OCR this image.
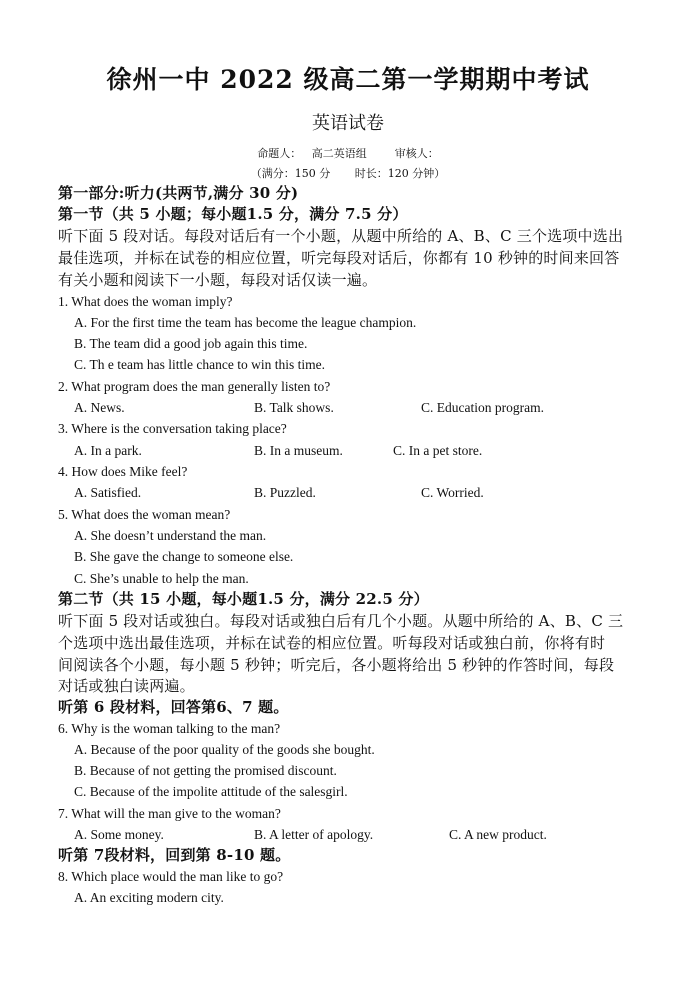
徐州一中 2022 级高二第一学期期中考试
英语试卷
命题人：   高二英语组        审核人：
（满分：150 分       时长：120 分钟）
第一部分:听力(共两节,满分 30 分)
第一节（共 5 小题；每小题1.5 分，满分 7.5 分）
听下面 5 段对话。每段对话后有一个小题，从题中所给的 A、B、C 三个选项中选出
最佳选项，并标在试卷的相应位置，听完每段对话后，你都有 10 秒钟的时间来回答
有关小题和阅读下一小题，每段对话仅读一遍。
1. What does the woman imply?
A. For the first time the team has become the league champion.
B. The team did a good job again this time.
C. Th e team has little chance to win this time.
2. What program does the man generally listen to?
A. News.	B. Talk shows.	C. Education program.
3. Where is the conversation taking place?
A. In a park.	B. In a museum.	C. In a pet store.
4. How does Mike feel?
A. Satisfied.	B. Puzzled.	C. Worried.
5. What does the woman mean?
A. She doesn’t understand the man.
B. She gave the change to someone else.
C. She’s unable to help the man.
第二节（共 15 小题，每小题1.5 分，满分 22.5 分）
听下面 5 段对话或独白。每段对话或独白后有几个小题。从题中所给的 A、B、C 三
个选项中选出最佳选项，并标在试卷的相应位置。听每段对话或独白前，你将有时
间阅读各个小题，每小题 5 秒钟；听完后，各小题将给出 5 秒钟的作答时间，每段
对话或独白读两遍。
听第 6 段材料，回答第6、7 题。
6. Why is the woman talking to the man?
A. Because of the poor quality of the goods she bought.
B. Because of not getting the promised discount.
C. Because of the impolite attitude of the salesgirl.
7. What will the man give to the woman?
A. Some money.	B. A letter of apology.	C. A new product.
听第 7段材料，回到第 8-10 题。
8. Which place would the man like to go?
A. An exciting modern city.
